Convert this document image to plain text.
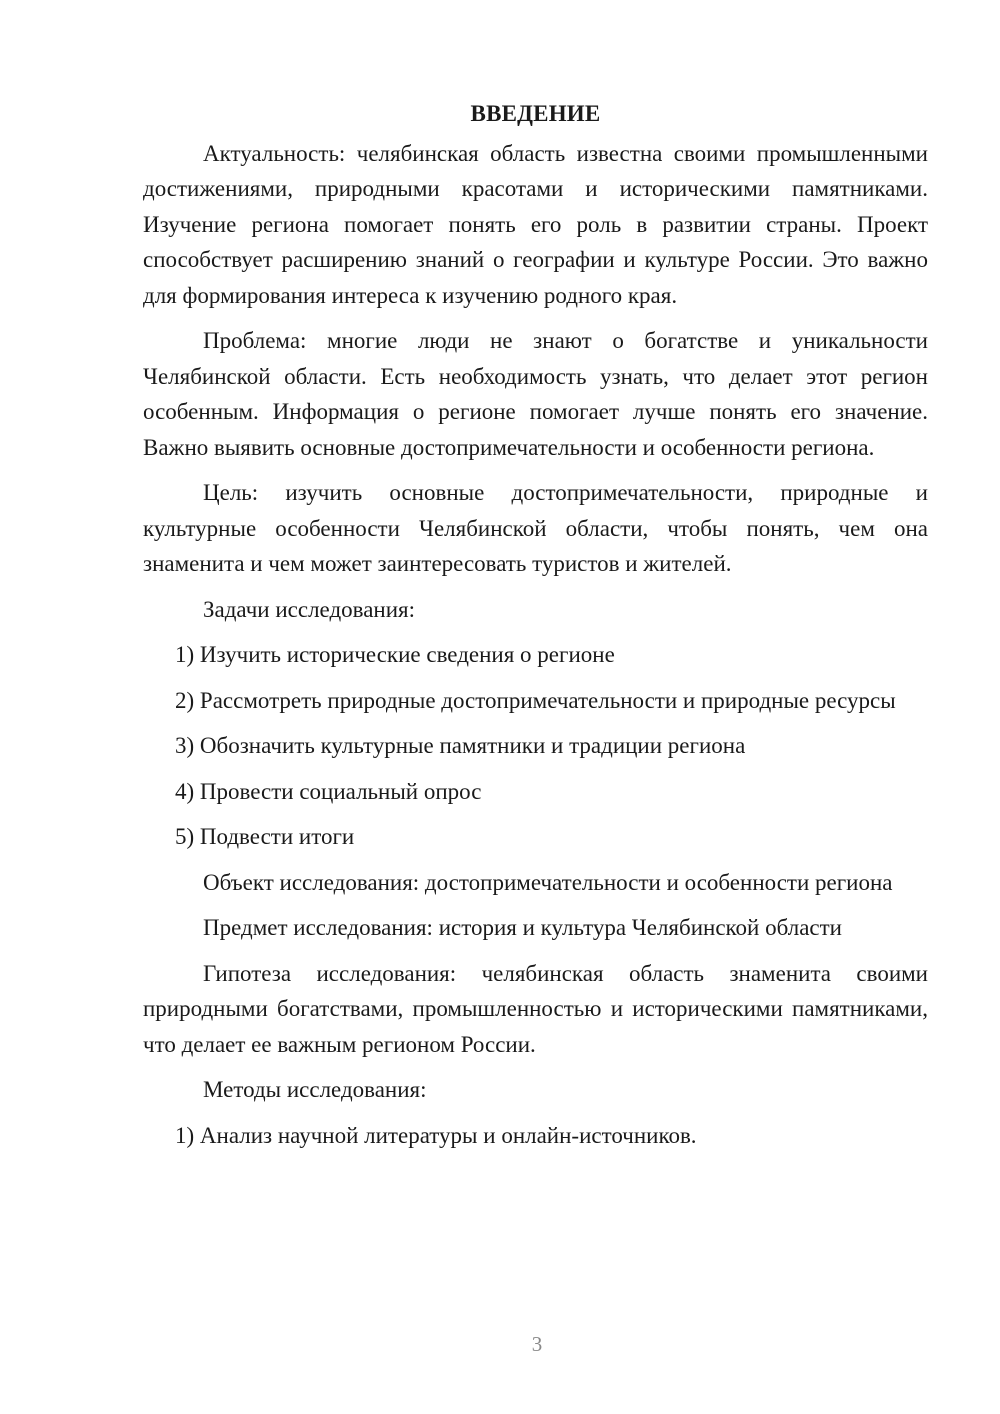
ВВЕДЕНИЕ

Актуальность: челябинская область известна своими промышленными достижениями, природными красотами и историческими памятниками. Изучение региона помогает понять его роль в развитии страны. Проект способствует расширению знаний о географии и культуре России. Это важно для формирования интереса к изучению родного края.

Проблема: многие люди не знают о богатстве и уникальности Челябинской области. Есть необходимость узнать, что делает этот регион особенным. Информация о регионе помогает лучше понять его значение. Важно выявить основные достопримечательности и особенности региона.

Цель: изучить основные достопримечательности, природные и культурные особенности Челябинской области, чтобы понять, чем она знаменита и чем может заинтересовать туристов и жителей.

Задачи исследования:

1) Изучить исторические сведения о регионе

2) Рассмотреть природные достопримечательности и природные ресурсы

3) Обозначить культурные памятники и традиции региона

4) Провести социальный опрос

5) Подвести итоги

Объект исследования: достопримечательности и особенности региона

Предмет исследования: история и культура Челябинской области

Гипотеза исследования: челябинская область знаменита своими природными богатствами, промышленностью и историческими памятниками, что делает ее важным регионом России.

Методы исследования:

1) Анализ научной литературы и онлайн-источников.

3
